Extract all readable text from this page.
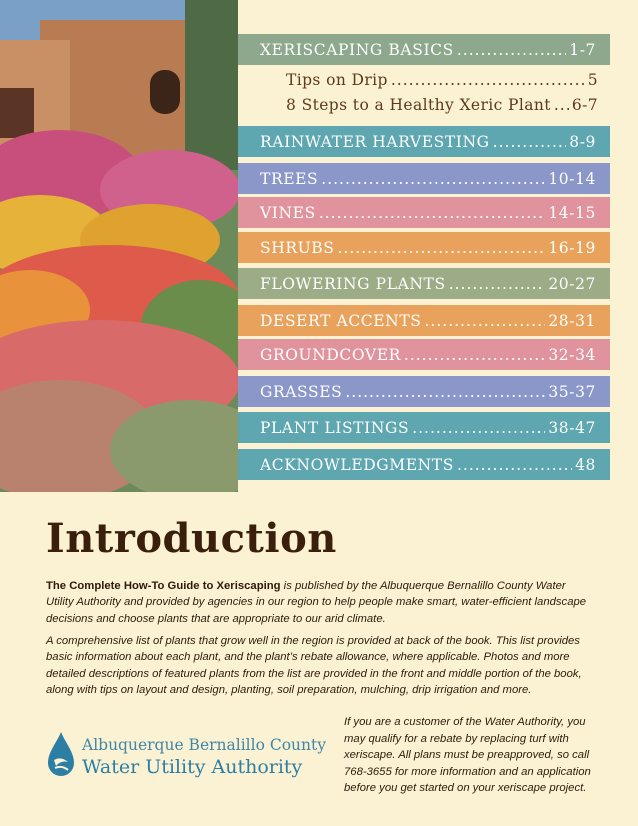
XERISCAPING BASICS .....	1-7
Tips on Drip .....	5
8 Steps to a Healthy Xeric Plant ..... 6-7
RAINWATER HARVESTING .....	8-9
TREES .....	10-14
VINES .....	14-15
SHRUBS .....	16-19
FLOWERING PLANTS .....	20-27
DESERT ACCENTS .....	28-31
GROUNDCOVER .....	32-34
GRASSES .....	35-37
PLANT LISTINGS .....	38-47
ACKNOWLEDGMENTS .....	48
Introduction
The Complete How-To Guide to Xeriscaping is published by the Albuquerque Bernalillo County Water Utility Authority and provided by agencies in our region to help people make smart, water-efficient landscape decisions and choose plants that are appropriate to our arid climate.
A comprehensive list of plants that grow well in the region is provided at back of the book. This list provides basic information about each plant, and the plant’s rebate allowance, where applicable. Photos and more detailed descriptions of featured plants from the list are provided in the front and middle portion of the book, along with tips on layout and design, planting, soil preparation, mulching, drip irrigation and more.
Albuquerque Bernalillo County
Water Utility Authority
If you are a customer of the Water Authority, you may qualify for a rebate by replacing turf with xeriscape. All plans must be preapproved, so call 768-3655 for more information and an application before you get started on your xeriscape project.
